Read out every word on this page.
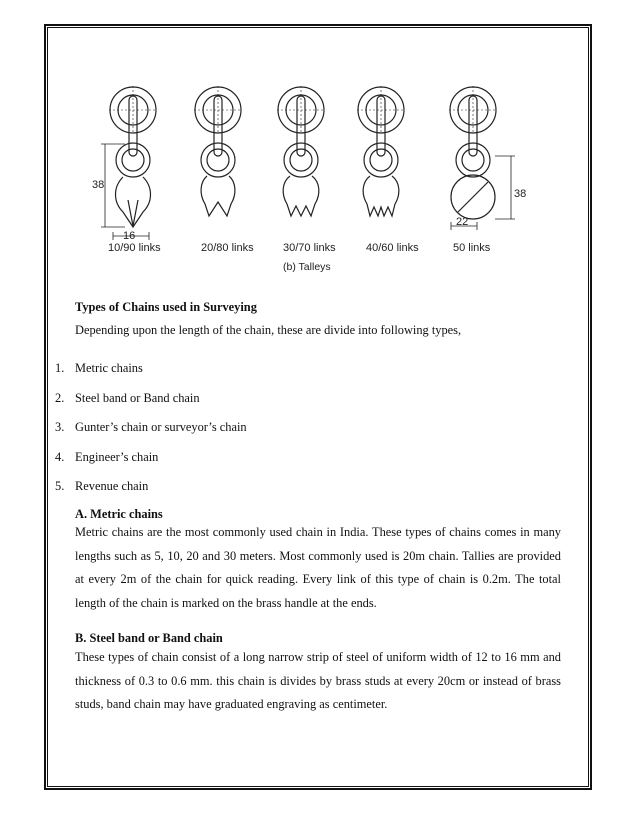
38
16
38
22
10/90 links	20/80 links	30/70 links	40/60 links	50 links
(b) Talleys
Types of Chains used in Surveying
Depending upon the length of the chain, these are divide into following types,
1. Metric chains
2. Steel band or Band chain
3. Gunter’s chain or surveyor’s chain
4. Engineer’s chain
5. Revenue chain
A. Metric chains
Metric chains are the most commonly used chain in India. These types of chains comes in many lengths such as 5, 10, 20 and 30 meters. Most commonly used is 20m chain. Tallies are provided at every 2m of the chain for quick reading. Every link of this type of chain is 0.2m. The total length of the chain is marked on the brass handle at the ends.
B. Steel band or Band chain
These types of chain consist of a long narrow strip of steel of uniform width of 12 to 16 mm and thickness of 0.3 to 0.6 mm. this chain is divides by brass studs at every 20cm or instead of brass studs, band chain may have graduated engraving as centimeter.
